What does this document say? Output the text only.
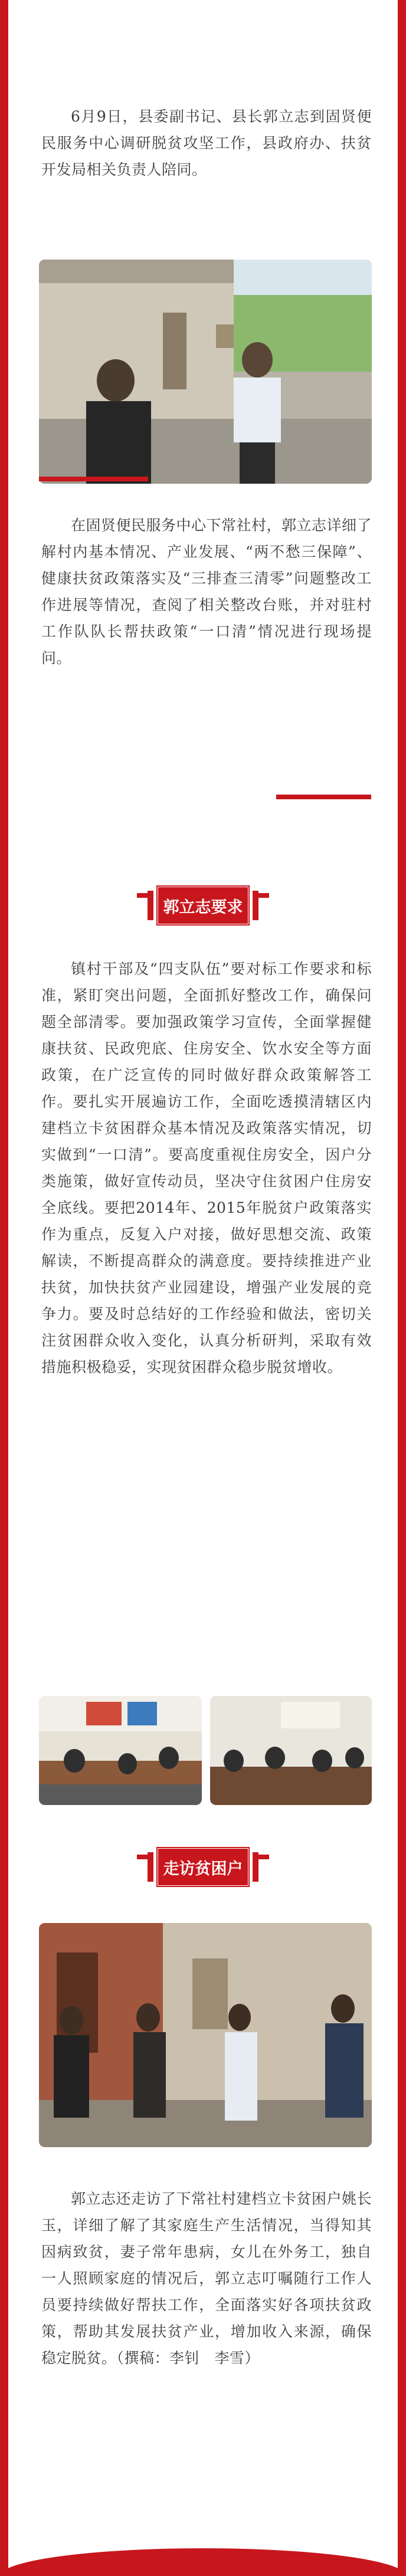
6月9日，县委副书记、县长郭立志到固贤便民服务中心调研脱贫攻坚工作，县政府办、扶贫开发局相关负责人陪同。

在固贤便民服务中心下常社村，郭立志详细了解村内基本情况、产业发展、“两不愁三保障”、健康扶贫政策落实及“三排查三清零”问题整改工作进展等情况，查阅了相关整改台账，并对驻村工作队队长帮扶政策“一口清”情况进行现场提问。

郭立志要求

镇村干部及“四支队伍”要对标工作要求和标准，紧盯突出问题，全面抓好整改工作，确保问题全部清零。要加强政策学习宣传，全面掌握健康扶贫、民政兜底、住房安全、饮水安全等方面政策，在广泛宣传的同时做好群众政策解答工作。要扎实开展遍访工作，全面吃透摸清辖区内建档立卡贫困群众基本情况及政策落实情况，切实做到“一口清”。要高度重视住房安全，因户分类施策，做好宣传动员，坚决守住贫困户住房安全底线。要把2014年、2015年脱贫户政策落实作为重点，反复入户对接，做好思想交流、政策解读，不断提高群众的满意度。要持续推进产业扶贫，加快扶贫产业园建设，增强产业发展的竞争力。要及时总结好的工作经验和做法，密切关注贫困群众收入变化，认真分析研判，采取有效措施积极稳妥，实现贫困群众稳步脱贫增收。

走访贫困户

郭立志还走访了下常社村建档立卡贫困户姚长玉，详细了解了其家庭生产生活情况，当得知其因病致贫，妻子常年患病，女儿在外务工，独自一人照顾家庭的情况后，郭立志叮嘱随行工作人员要持续做好帮扶工作，全面落实好各项扶贫政策，帮助其发展扶贫产业，增加收入来源，确保稳定脱贫。（撰稿：李钊　李雪）
